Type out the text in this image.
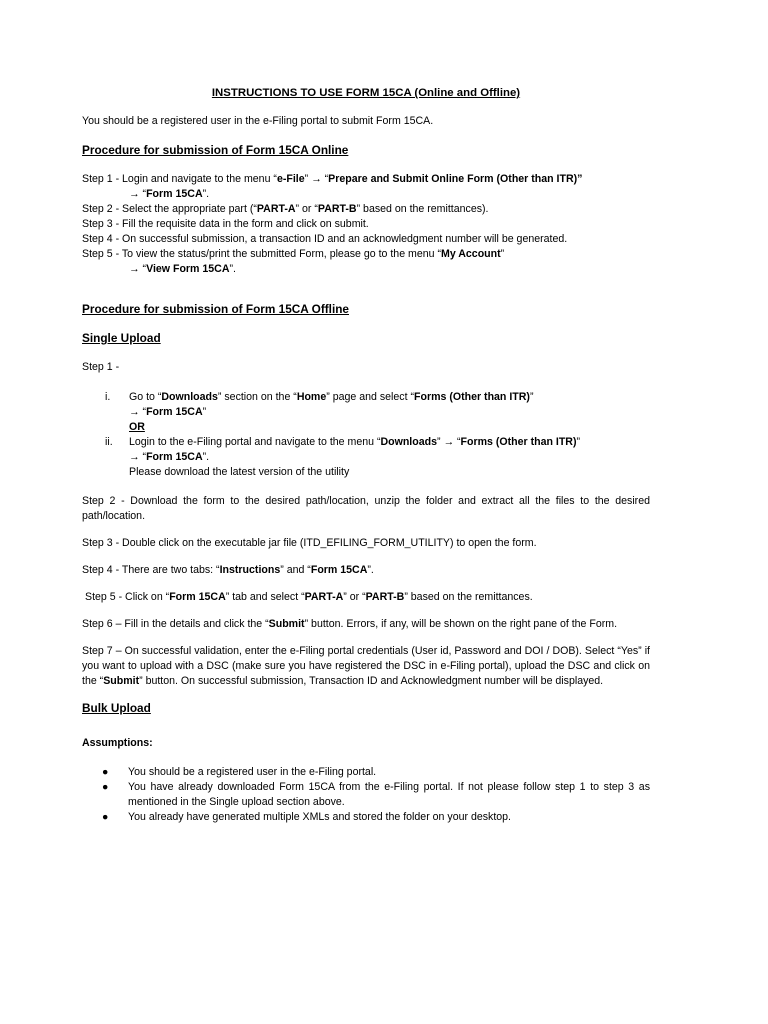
INSTRUCTIONS TO USE FORM 15CA (Online and Offline)

You should be a registered user in the e-Filing portal to submit Form 15CA.

Procedure for submission of Form 15CA Online

Step 1 - Login and navigate to the menu “e-File” → “Prepare and Submit Online Form (Other than ITR)”

→ “Form 15CA”.

Step 2 - Select the appropriate part (“PART-A” or “PART-B” based on the remittances).

Step 3 - Fill the requisite data in the form and click on submit.

Step 4 - On successful submission, a transaction ID and an acknowledgment number will be generated.

Step 5 - To view the status/print the submitted Form, please go to the menu “My Account”

→ “View Form 15CA”.

Procedure for submission of Form 15CA Offline

Single Upload

Step 1 -

i. Go to “Downloads” section on the “Home” page and select “Forms (Other than ITR)”

→ “Form 15CA”

OR

ii. Login to the e-Filing portal and navigate to the menu “Downloads” → “Forms (Other than ITR)”

→ “Form 15CA”.

Please download the latest version of the utility

Step 2 - Download the form to the desired path/location, unzip the folder and extract all the files to the desired path/location.

Step 3 - Double click on the executable jar file (ITD_EFILING_FORM_UTILITY) to open the form.

Step 4 - There are two tabs: “Instructions” and “Form 15CA”.

Step 5 - Click on “Form 15CA” tab and select “PART-A” or “PART-B” based on the remittances.

Step 6 – Fill in the details and click the “Submit” button. Errors, if any, will be shown on the right pane of the Form.

Step 7 – On successful validation, enter the e-Filing portal credentials (User id, Password and DOI / DOB). Select “Yes” if you want to upload with a DSC (make sure you have registered the DSC in e-Filing portal), upload the DSC and click on the “Submit” button. On successful submission, Transaction ID and Acknowledgment number will be displayed.

Bulk Upload

Assumptions:

● You should be a registered user in the e-Filing portal.

● You have already downloaded Form 15CA from the e-Filing portal. If not please follow step 1 to step 3 as mentioned in the Single upload section above.

● You already have generated multiple XMLs and stored the folder on your desktop.
